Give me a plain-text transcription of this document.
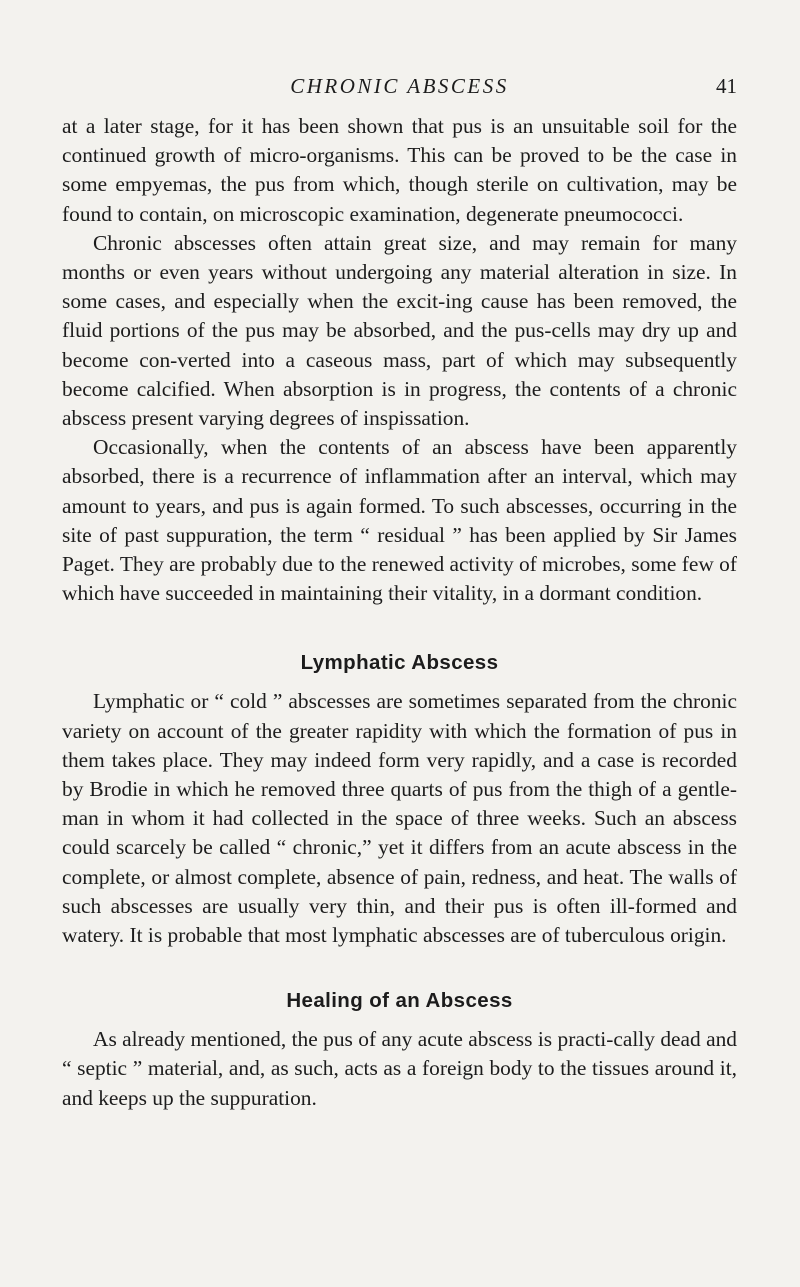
CHRONIC ABSCESS	41

at a later stage, for it has been shown that pus is an unsuitable soil for the continued growth of micro-organisms. This can be proved to be the case in some empyemas, the pus from which, though sterile on cultivation, may be found to contain, on microscopic examination, degenerate pneumococci.

Chronic abscesses often attain great size, and may remain for many months or even years without undergoing any material alteration in size. In some cases, and especially when the excit-ing cause has been removed, the fluid portions of the pus may be absorbed, and the pus-cells may dry up and become con-verted into a caseous mass, part of which may subsequently become calcified. When absorption is in progress, the contents of a chronic abscess present varying degrees of inspissation.

Occasionally, when the contents of an abscess have been apparently absorbed, there is a recurrence of inflammation after an interval, which may amount to years, and pus is again formed. To such abscesses, occurring in the site of past suppuration, the term “ residual ” has been applied by Sir James Paget. They are probably due to the renewed activity of microbes, some few of which have succeeded in maintaining their vitality, in a dormant condition.

Lymphatic Abscess

Lymphatic or “ cold ” abscesses are sometimes separated from the chronic variety on account of the greater rapidity with which the formation of pus in them takes place. They may indeed form very rapidly, and a case is recorded by Brodie in which he removed three quarts of pus from the thigh of a gentle-man in whom it had collected in the space of three weeks. Such an abscess could scarcely be called “ chronic,” yet it differs from an acute abscess in the complete, or almost complete, absence of pain, redness, and heat. The walls of such abscesses are usually very thin, and their pus is often ill-formed and watery. It is probable that most lymphatic abscesses are of tuberculous origin.

Healing of an Abscess

As already mentioned, the pus of any acute abscess is practi-cally dead and “ septic ” material, and, as such, acts as a foreign body to the tissues around it, and keeps up the suppuration.
